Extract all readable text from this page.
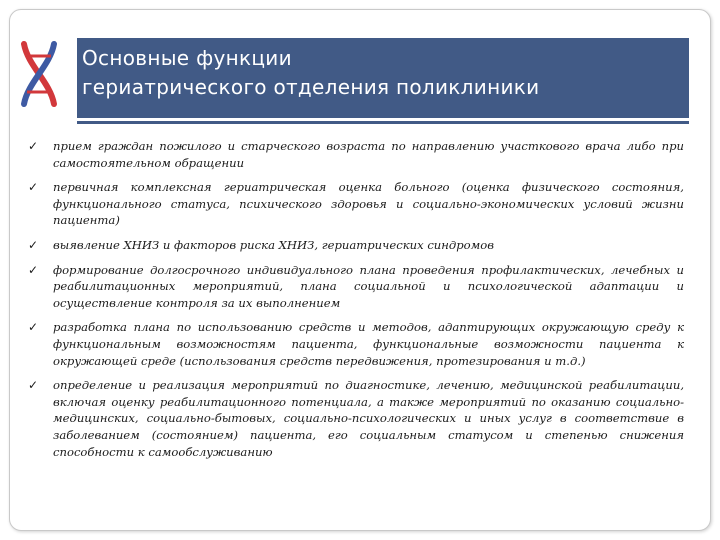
Основные функции
гериатрического отделения поликлиники
✓ прием граждан пожилого и старческого возраста по направлению участкового врача либо при самостоятельном обращении
✓ первичная комплексная гериатрическая оценка больного (оценка физического состояния, функционального статуса, психического здоровья и социально-экономических условий жизни пациента)
✓ выявление ХНИЗ и факторов риска ХНИЗ, гериатрических синдромов
✓ формирование долгосрочного индивидуального плана проведения профилактических, лечебных и реабилитационных мероприятий, плана социальной и психологической адаптации и осуществление контроля за их выполнением
✓ разработка плана по использованию средств и методов, адаптирующих окружающую среду к функциональным возможностям пациента, функциональные возможности пациента к окружающей среде (использования средств передвижения, протезирования и т.д.)
✓ определение и реализация мероприятий по диагностике, лечению, медицинской реабилитации, включая оценку реабилитационного потенциала, а также мероприятий по оказанию социально-медицинских, социально-бытовых, социально-психологических и иных услуг в соответствие в заболеванием (состоянием) пациента, его социальным статусом и степенью снижения способности к самообслуживанию
